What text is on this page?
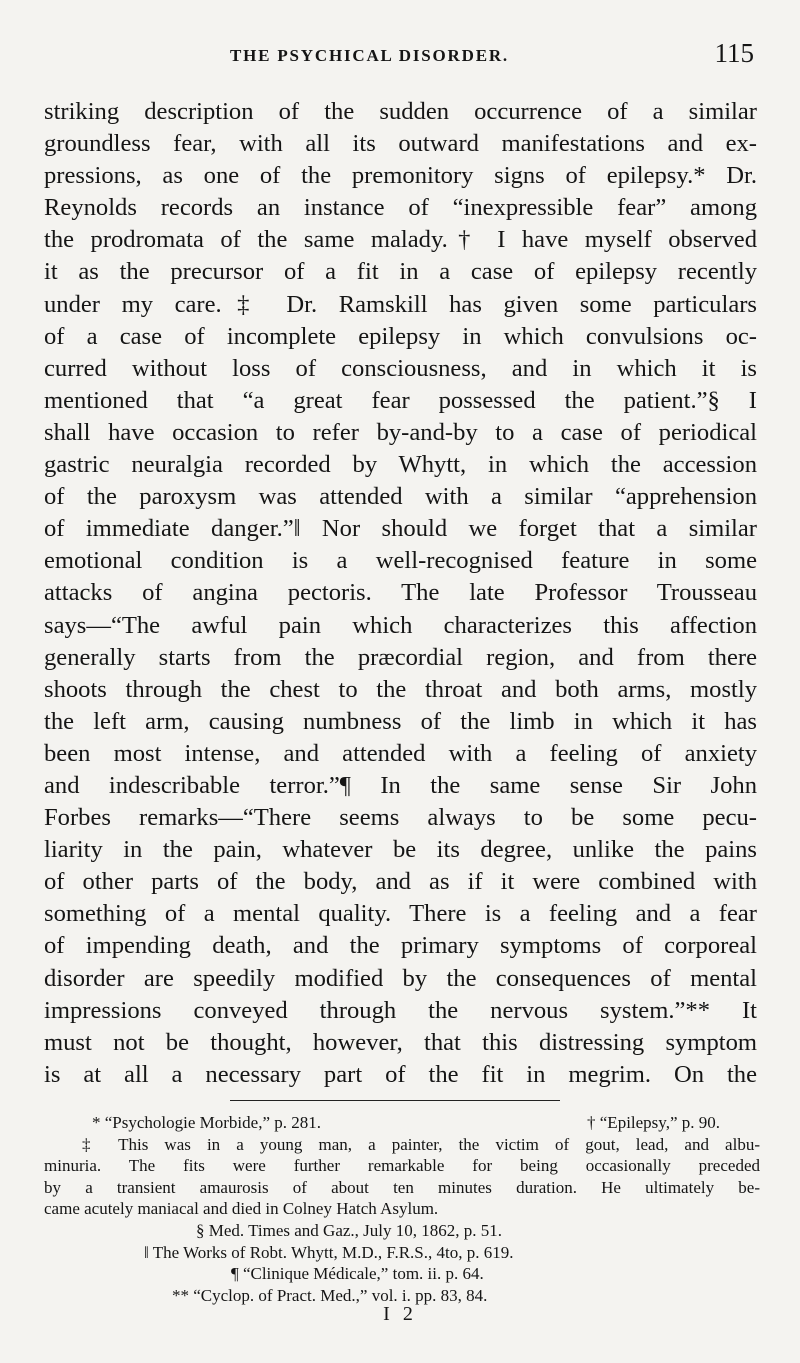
THE PSYCHICAL DISORDER.	115
striking description of the sudden occurrence of a similar
groundless fear, with all its outward manifestations and ex-
pressions, as one of the premonitory signs of epilepsy.* Dr.
Reynolds records an instance of “inexpressible fear” among
the prodromata of the same malady.† I have myself observed
it as the precursor of a fit in a case of epilepsy recently
under my care.‡ Dr. Ramskill has given some particulars
of a case of incomplete epilepsy in which convulsions oc-
curred without loss of consciousness, and in which it is
mentioned that “a great fear possessed the patient.”§ I
shall have occasion to refer by-and-by to a case of periodical
gastric neuralgia recorded by Whytt, in which the accession
of the paroxysm was attended with a similar “apprehension
of immediate danger.”‖ Nor should we forget that a similar
emotional condition is a well-recognised feature in some
attacks of angina pectoris. The late Professor Trousseau
says—“The awful pain which characterizes this affection
generally starts from the præcordial region, and from there
shoots through the chest to the throat and both arms, mostly
the left arm, causing numbness of the limb in which it has
been most intense, and attended with a feeling of anxiety
and indescribable terror.”¶ In the same sense Sir John
Forbes remarks—“There seems always to be some pecu-
liarity in the pain, whatever be its degree, unlike the pains
of other parts of the body, and as if it were combined with
something of a mental quality. There is a feeling and a fear
of impending death, and the primary symptoms of corporeal
disorder are speedily modified by the consequences of mental
impressions conveyed through the nervous system.”** It
must not be thought, however, that this distressing symptom
is at all a necessary part of the fit in megrim. On the
* “Psychologie Morbide,” p. 281.	† “Epilepsy,” p. 90.
‡ This was in a young man, a painter, the victim of gout, lead, and albu-
minuria. The fits were further remarkable for being occasionally preceded
by a transient amaurosis of about ten minutes duration. He ultimately be-
came acutely maniacal and died in Colney Hatch Asylum.
§ Med. Times and Gaz., July 10, 1862, p. 51.
‖ The Works of Robt. Whytt, M.D., F.R.S., 4to, p. 619.
¶ “Clinique Médicale,” tom. ii. p. 64.
** “Cyclop. of Pract. Med.,” vol. i. pp. 83, 84.
I 2
